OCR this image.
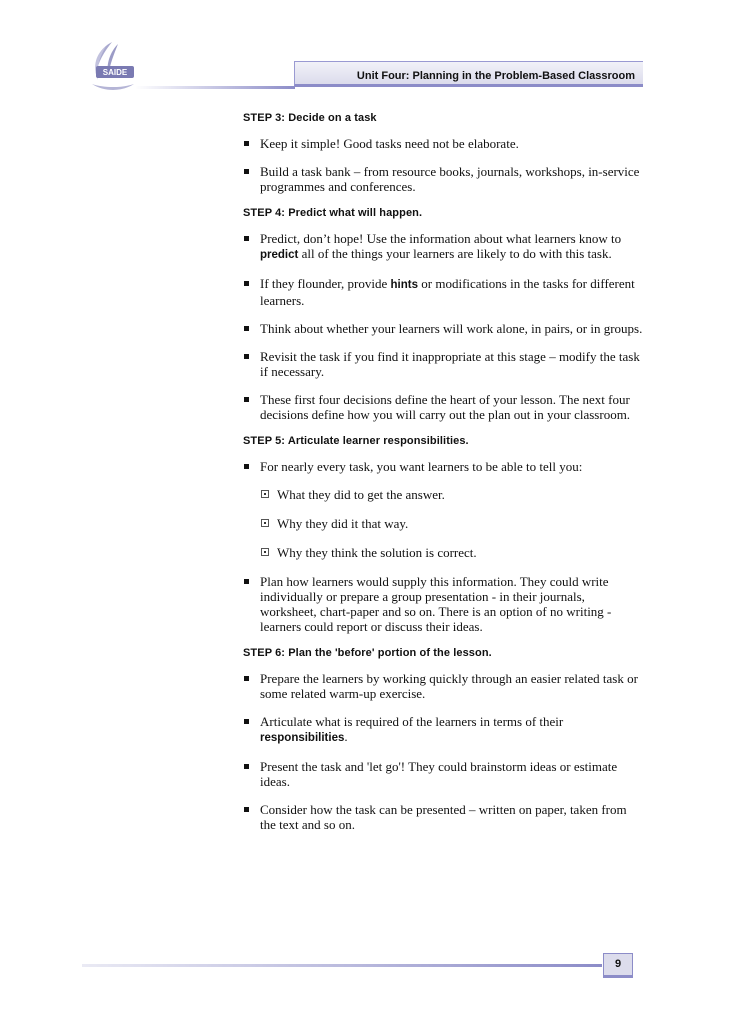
SAIDE	Unit Four: Planning in the Problem-Based Classroom
STEP 3: Decide on a task
Keep it simple! Good tasks need not be elaborate.
Build a task bank – from resource books, journals, workshops, in-service programmes and conferences.
STEP 4: Predict what will happen.
Predict, don’t hope! Use the information about what learners know to predict all of the things your learners are likely to do with this task.
If they flounder, provide hints or modifications in the tasks for different learners.
Think about whether your learners will work alone, in pairs, or in groups.
Revisit the task if you find it inappropriate at this stage – modify the task if necessary.
These first four decisions define the heart of your lesson. The next four decisions define how you will carry out the plan out in your classroom.
STEP 5: Articulate learner responsibilities.
For nearly every task, you want learners to be able to tell you:
What they did to get the answer.
Why they did it that way.
Why they think the solution is correct.
Plan how learners would supply this information. They could write individually or prepare a group presentation - in their journals, worksheet, chart-paper and so on. There is an option of no writing - learners could report or discuss their ideas.
STEP 6: Plan the 'before' portion of the lesson.
Prepare the learners by working quickly through an easier related task or some related warm-up exercise.
Articulate what is required of the learners in terms of their responsibilities.
Present the task and 'let go'! They could brainstorm ideas or estimate ideas.
Consider how the task can be presented – written on paper, taken from the text and so on.
9
